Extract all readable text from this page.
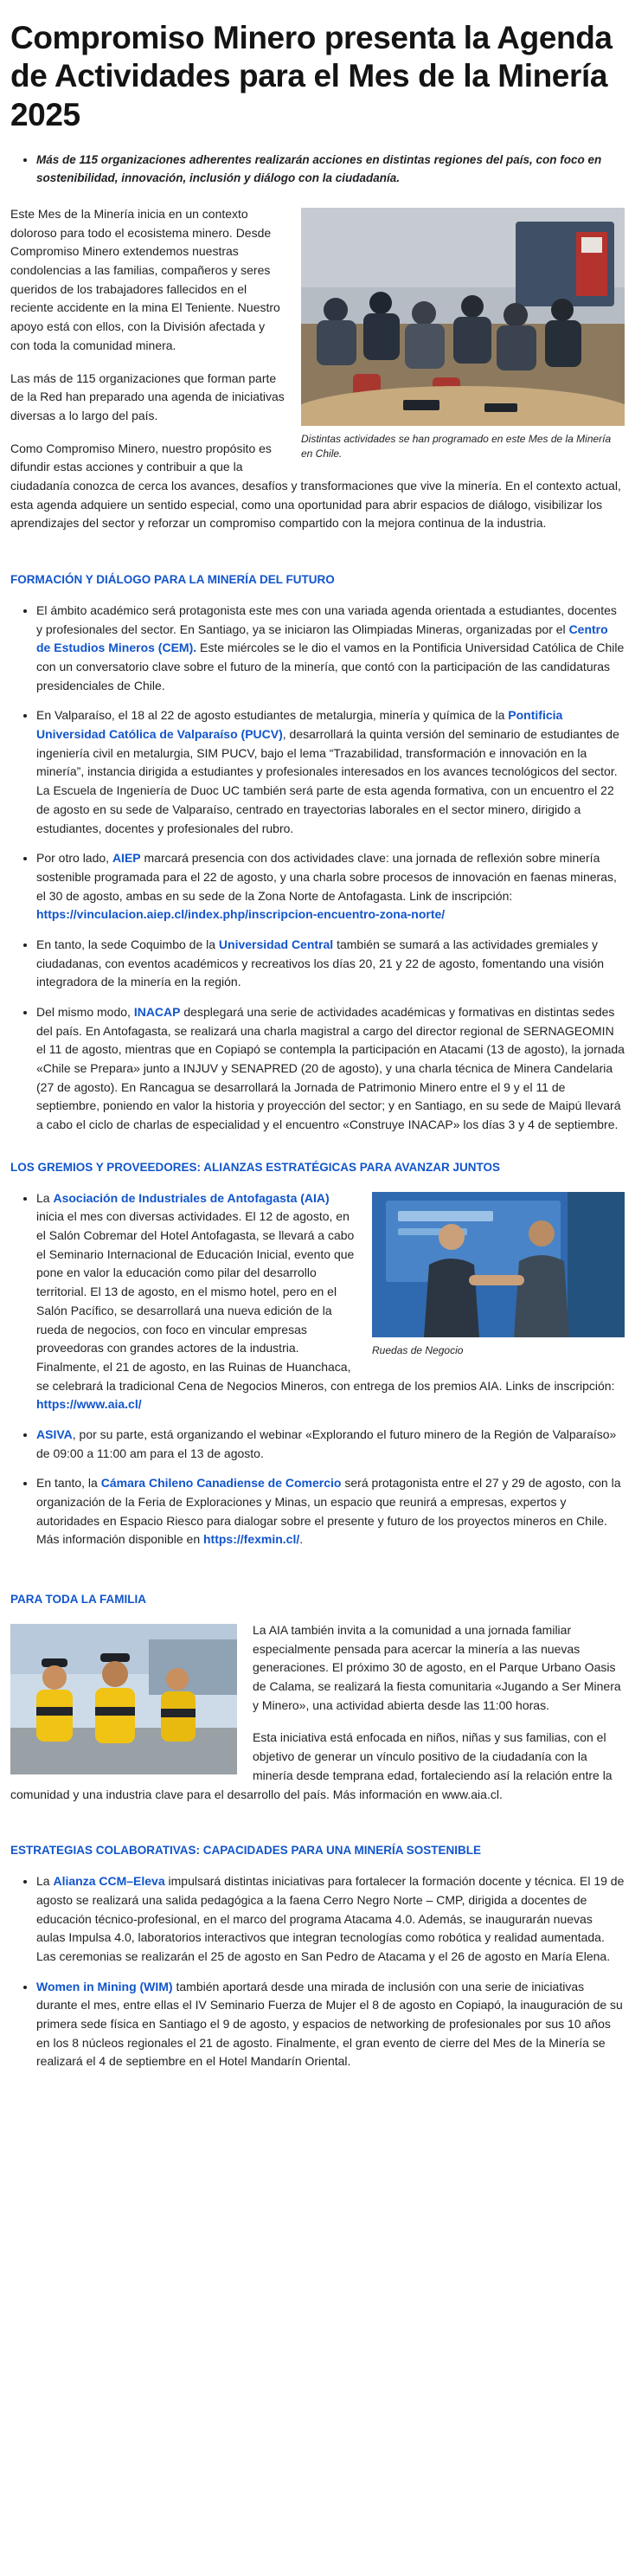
Compromiso Minero presenta la Agenda de Actividades para el Mes de la Minería 2025
• Más de 115 organizaciones adherentes realizarán acciones en distintas regiones del país, con foco en sostenibilidad, innovación, inclusión y diálogo con la ciudadanía.
Distintas actividades se han programado en este Mes de la Minería en Chile.

Este Mes de la Minería inicia en un contexto doloroso para todo el ecosistema minero. Desde Compromiso Minero extendemos nuestras condolencias a las familias, compañeros y seres queridos de los trabajadores fallecidos en el reciente accidente en la mina El Teniente. Nuestro apoyo está con ellos, con la División afectada y con toda la comunidad minera.

Las más de 115 organizaciones que forman parte de la Red han preparado una agenda de iniciativas diversas a lo largo del país.

Como Compromiso Minero, nuestro propósito es difundir estas acciones y contribuir a que la ciudadanía conozca de cerca los avances, desafíos y transformaciones que vive la minería. En el contexto actual, esta agenda adquiere un sentido especial, como una oportunidad para abrir espacios de diálogo, visibilizar los aprendizajes del sector y reforzar un compromiso compartido con la mejora continua de la industria.

FORMACIÓN Y DIÁLOGO PARA LA MINERÍA DEL FUTURO
• El ámbito académico será protagonista este mes con una variada agenda orientada a estudiantes, docentes y profesionales del sector. En Santiago, ya se iniciaron las Olimpiadas Mineras, organizadas por el Centro de Estudios Mineros (CEM). Este miércoles se le dio el vamos en la Pontificia Universidad Católica de Chile con un conversatorio clave sobre el futuro de la minería, que contó con la participación de las candidaturas presidenciales de Chile.
• En Valparaíso, el 18 al 22 de agosto estudiantes de metalurgia, minería y química de la Pontificia Universidad Católica de Valparaíso (PUCV), desarrollará la quinta versión del seminario de estudiantes de ingeniería civil en metalurgia, SIM PUCV, bajo el lema “Trazabilidad, transformación e innovación en la minería”, instancia dirigida a estudiantes y profesionales interesados en los avances tecnológicos del sector. La Escuela de Ingeniería de Duoc UC también será parte de esta agenda formativa, con un encuentro el 22 de agosto en su sede de Valparaíso, centrado en trayectorias laborales en el sector minero, dirigido a estudiantes, docentes y profesionales del rubro.
• Por otro lado, AIEP marcará presencia con dos actividades clave: una jornada de reflexión sobre minería sostenible programada para el 22 de agosto, y una charla sobre procesos de innovación en faenas mineras, el 30 de agosto, ambas en su sede de la Zona Norte de Antofagasta. Link de inscripción: https://vinculacion.aiep.cl/index.php/inscripcion-encuentro-zona-norte/
• En tanto, la sede Coquimbo de la Universidad Central también se sumará a las actividades gremiales y ciudadanas, con eventos académicos y recreativos los días 20, 21 y 22 de agosto, fomentando una visión integradora de la minería en la región.
• Del mismo modo, INACAP desplegará una serie de actividades académicas y formativas en distintas sedes del país. En Antofagasta, se realizará una charla magistral a cargo del director regional de SERNAGEOMIN el 11 de agosto, mientras que en Copiapó se contempla la participación en Atacami (13 de agosto), la jornada «Chile se Prepara» junto a INJUV y SENAPRED (20 de agosto), y una charla técnica de Minera Candelaria (27 de agosto). En Rancagua se desarrollará la Jornada de Patrimonio Minero entre el 9 y el 11 de septiembre, poniendo en valor la historia y proyección del sector; y en Santiago, en su sede de Maipú llevará a cabo el ciclo de charlas de especialidad y el encuentro «Construye INACAP» los días 3 y 4 de septiembre.
LOS GREMIOS Y PROVEEDORES: ALIANZAS ESTRATÉGICAS PARA AVANZAR JUNTOS
Ruedas de Negocio
• La Asociación de Industriales de Antofagasta (AIA) inicia el mes con diversas actividades. El 12 de agosto, en el Salón Cobremar del Hotel Antofagasta, se llevará a cabo el Seminario Internacional de Educación Inicial, evento que pone en valor la educación como pilar del desarrollo territorial. El 13 de agosto, en el mismo hotel, pero en el Salón Pacífico, se desarrollará una nueva edición de la rueda de negocios, con foco en vincular empresas proveedoras con grandes actores de la industria. Finalmente, el 21 de agosto, en las Ruinas de Huanchaca, se celebrará la tradicional Cena de Negocios Mineros, con entrega de los premios AIA. Links de inscripción: https://www.aia.cl/
• ASIVA, por su parte, está organizando el webinar «Explorando el futuro minero de la Región de Valparaíso» de 09:00 a 11:00 am para el 13 de agosto.
• En tanto, la Cámara Chileno Canadiense de Comercio será protagonista entre el 27 y 29 de agosto, con la organización de la Feria de Exploraciones y Minas, un espacio que reunirá a empresas, expertos y autoridades en Espacio Riesco para dialogar sobre el presente y futuro de los proyectos mineros en Chile. Más información disponible en https://fexmin.cl/.
PARA TODA LA FAMILIA

La AIA también invita a la comunidad a una jornada familiar especialmente pensada para acercar la minería a las nuevas generaciones. El próximo 30 de agosto, en el Parque Urbano Oasis de Calama, se realizará la fiesta comunitaria «Jugando a Ser Minera y Minero», una actividad abierta desde las 11:00 horas.

Esta iniciativa está enfocada en niños, niñas y sus familias, con el objetivo de generar un vínculo positivo de la ciudadanía con la minería desde temprana edad, fortaleciendo así la relación entre la comunidad y una industria clave para el desarrollo del país. Más información en www.aia.cl.

ESTRATEGIAS COLABORATIVAS: CAPACIDADES PARA UNA MINERÍA SOSTENIBLE
• La Alianza CCM–Eleva impulsará distintas iniciativas para fortalecer la formación docente y técnica. El 19 de agosto se realizará una salida pedagógica a la faena Cerro Negro Norte – CMP, dirigida a docentes de educación técnico-profesional, en el marco del programa Atacama 4.0. Además, se inaugurarán nuevas aulas Impulsa 4.0, laboratorios interactivos que integran tecnologías como robótica y realidad aumentada. Las ceremonias se realizarán el 25 de agosto en San Pedro de Atacama y el 26 de agosto en María Elena.
• Women in Mining (WIM) también aportará desde una mirada de inclusión con una serie de iniciativas durante el mes, entre ellas el IV Seminario Fuerza de Mujer el 8 de agosto en Copiapó, la inauguración de su primera sede física en Santiago el 9 de agosto, y espacios de networking de profesionales por sus 10 años en los 8 núcleos regionales el 21 de agosto. Finalmente, el gran evento de cierre del Mes de la Minería se realizará el 4 de septiembre en el Hotel Mandarín Oriental.
